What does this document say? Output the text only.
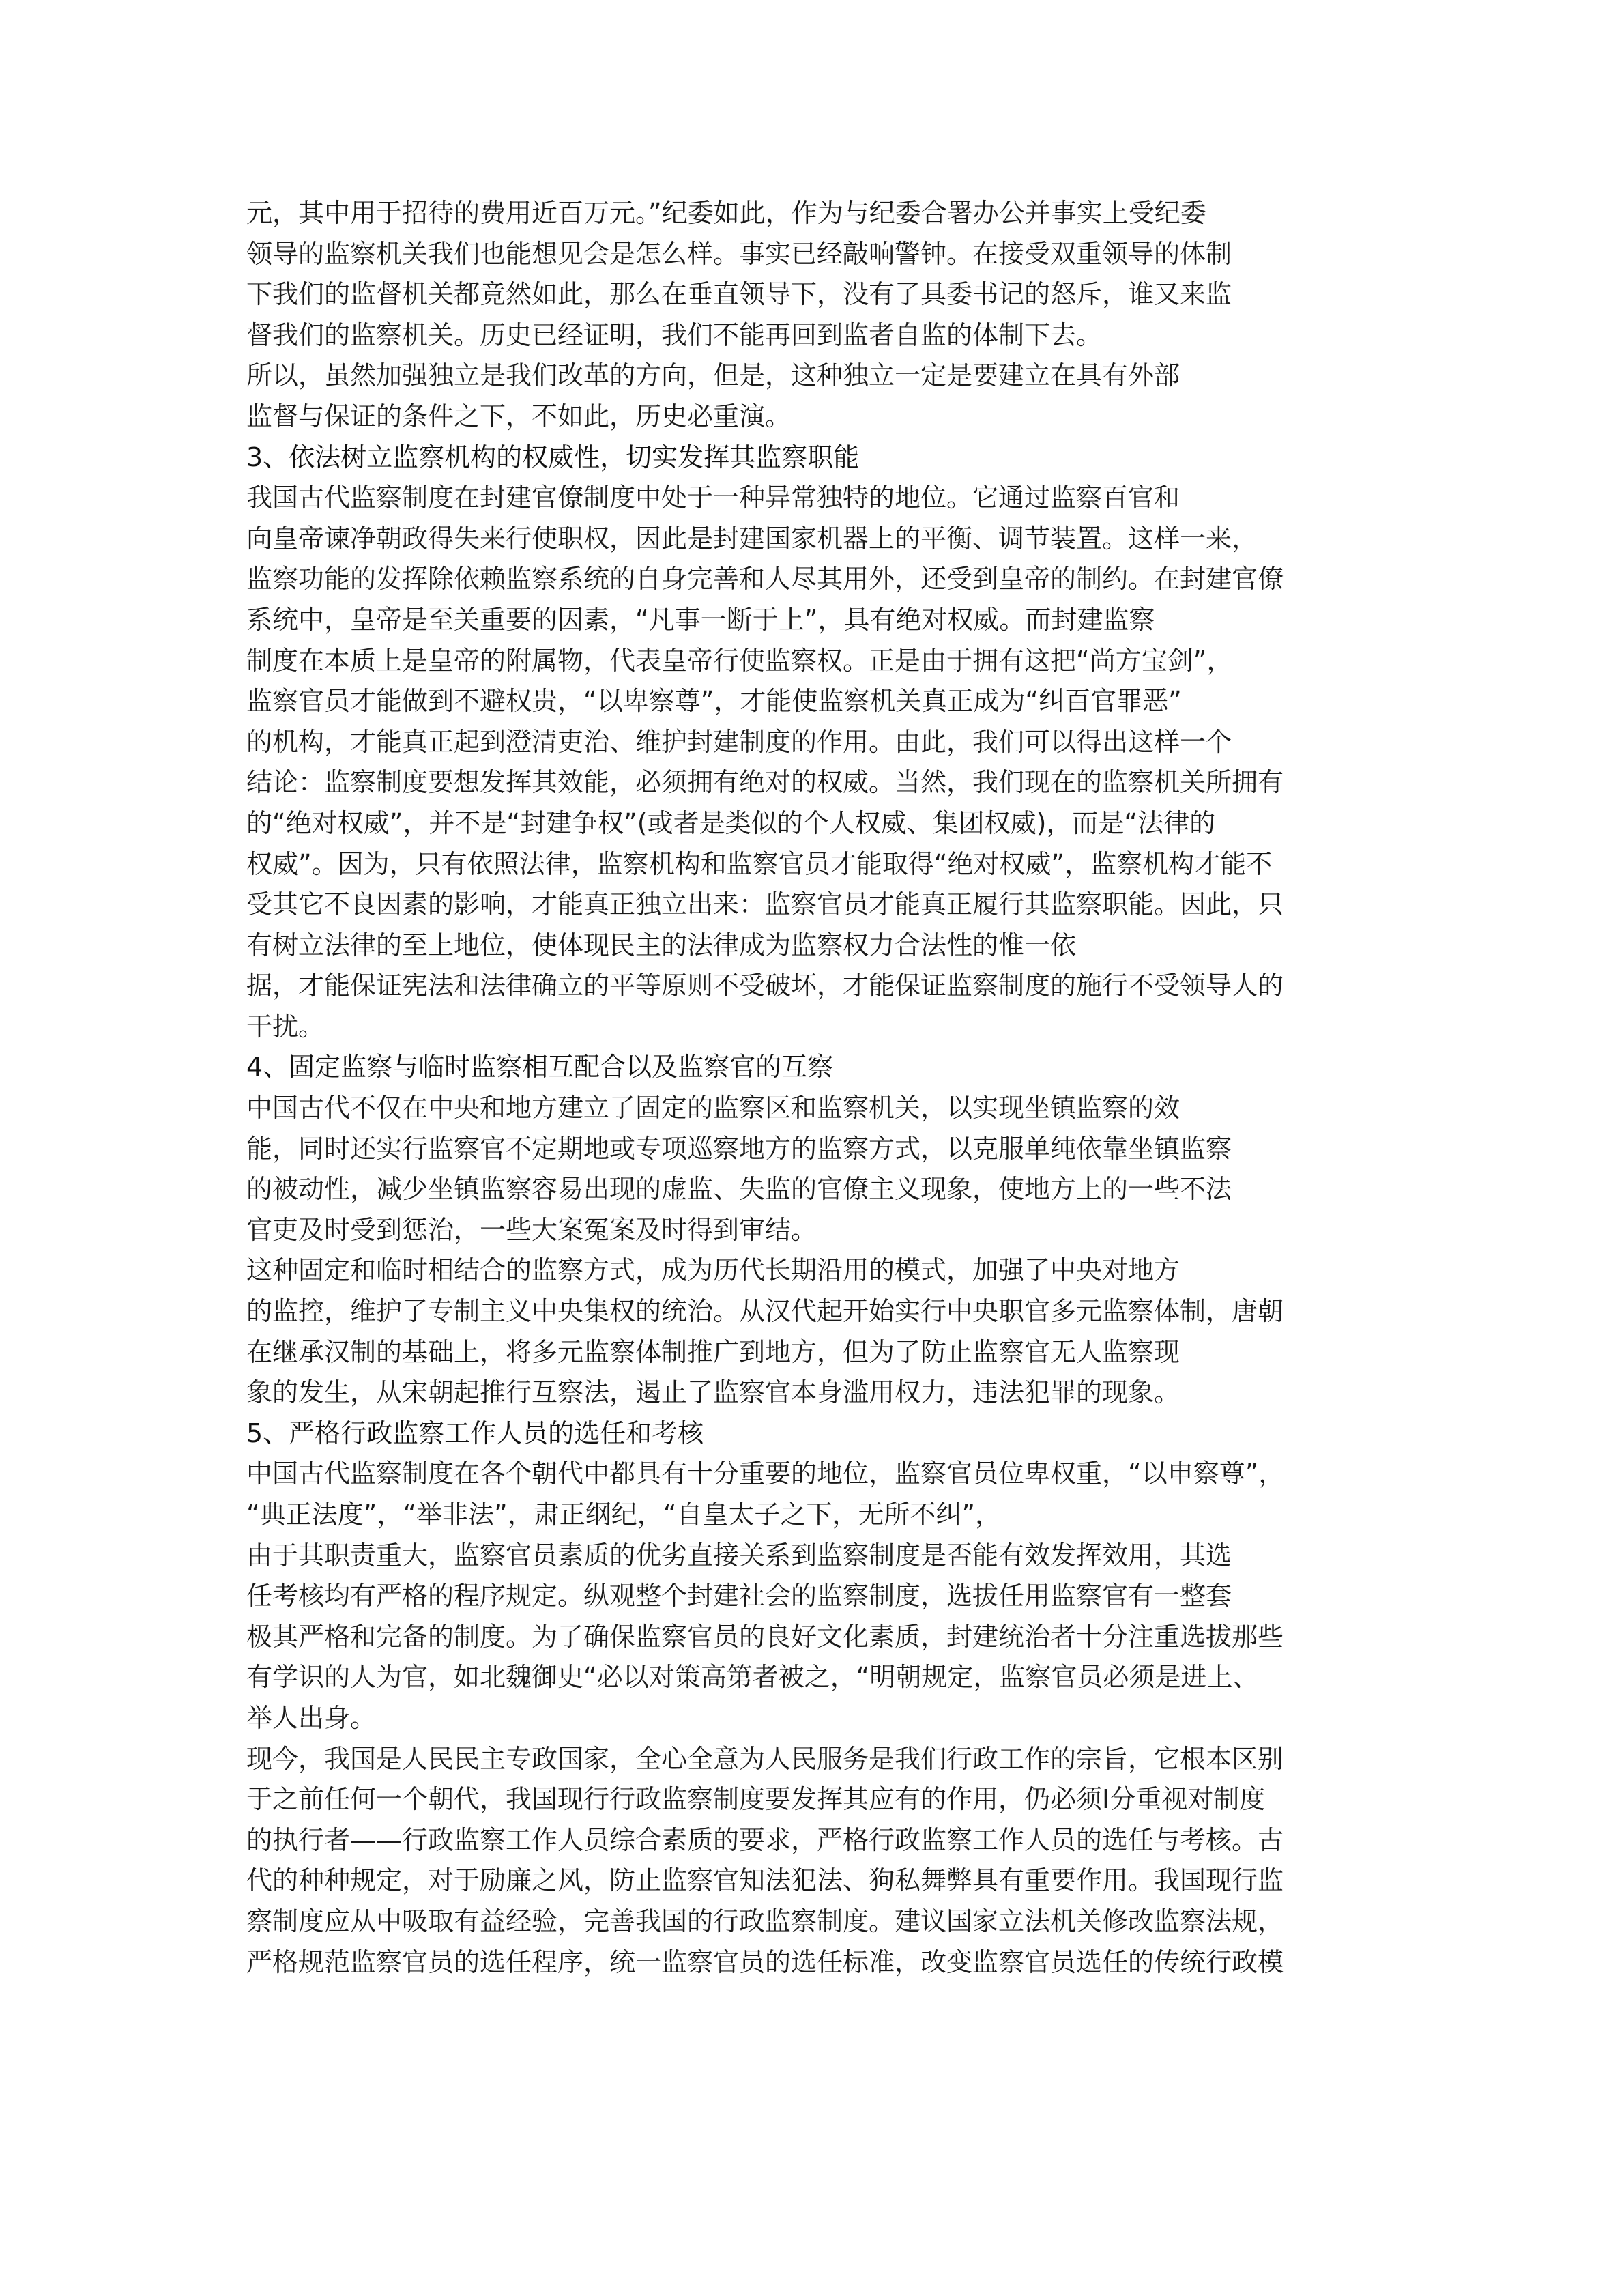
元，其中用于招待的费用近百万元。”纪委如此，作为与纪委合署办公并事实上受纪委
领导的监察机关我们也能想见会是怎么样。事实已经敲响警钟。在接受双重领导的体制
下我们的监督机关都竟然如此，那么在垂直领导下，没有了具委书记的怒斥，谁又来监
督我们的监察机关。历史已经证明，我们不能再回到监者自监的体制下去。
所以，虽然加强独立是我们改革的方向，但是，这种独立一定是要建立在具有外部
监督与保证的条件之下，不如此，历史必重演。
3、依法树立监察机构的权威性，切实发挥其监察职能
我国古代监察制度在封建官僚制度中处于一种异常独特的地位。它通过监察百官和
向皇帝谏净朝政得失来行使职权，因此是封建国家机器上的平衡、调节装置。这样一来，
监察功能的发挥除依赖监察系统的自身完善和人尽其用外，还受到皇帝的制约。在封建官僚
系统中，皇帝是至关重要的因素，“凡事一断于上”，具有绝对权威。而封建监察
制度在本质上是皇帝的附属物，代表皇帝行使监察权。正是由于拥有这把“尚方宝剑”，
监察官员才能做到不避权贵，“以卑察尊”，才能使监察机关真正成为“纠百官罪恶”
的机构，才能真正起到澄清吏治、维护封建制度的作用。由此，我们可以得出这样一个
结论：监察制度要想发挥其效能，必须拥有绝对的权威。当然，我们现在的监察机关所拥有
的“绝对权威”，并不是“封建争权”(或者是类似的个人权威、集团权威)，而是“法律的
权威”。因为，只有依照法律，监察机构和监察官员才能取得“绝对权威”，监察机构才能不
受其它不良因素的影响，才能真正独立出来：监察官员才能真正履行其监察职能。因此，只
有树立法律的至上地位，使体现民主的法律成为监察权力合法性的惟一依
据，才能保证宪法和法律确立的平等原则不受破坏，才能保证监察制度的施行不受领导人的
干扰。
4、固定监察与临时监察相互配合以及监察官的互察
中国古代不仅在中央和地方建立了固定的监察区和监察机关，以实现坐镇监察的效
能，同时还实行监察官不定期地或专项巡察地方的监察方式，以克服单纯依靠坐镇监察
的被动性，减少坐镇监察容易出现的虚监、失监的官僚主义现象，使地方上的一些不法
官吏及时受到惩治，一些大案冤案及时得到审结。
这种固定和临时相结合的监察方式，成为历代长期沿用的模式，加强了中央对地方
的监控，维护了专制主义中央集权的统治。从汉代起开始实行中央职官多元监察体制，唐朝
在继承汉制的基础上，将多元监察体制推广到地方，但为了防止监察官无人监察现
象的发生，从宋朝起推行互察法，遏止了监察官本身滥用权力，违法犯罪的现象。
5、严格行政监察工作人员的选任和考核
中国古代监察制度在各个朝代中都具有十分重要的地位，监察官员位卑权重，“以申察尊”，
“典正法度”，“举非法”，肃正纲纪，“自皇太子之下，无所不纠”，
由于其职责重大，监察官员素质的优劣直接关系到监察制度是否能有效发挥效用，其选
任考核均有严格的程序规定。纵观整个封建社会的监察制度，选拔任用监察官有一整套
极其严格和完备的制度。为了确保监察官员的良好文化素质，封建统治者十分注重选拔那些
有学识的人为官，如北魏御史“必以对策高第者被之，“明朝规定，监察官员必须是进上、
举人出身。
现今，我国是人民民主专政国家，全心全意为人民服务是我们行政工作的宗旨，它根本区别
于之前任何一个朝代，我国现行行政监察制度要发挥其应有的作用，仍必须I分重视对制度
的执行者——行政监察工作人员综合素质的要求，严格行政监察工作人员的选任与考核。古
代的种种规定，对于励廉之风，防止监察官知法犯法、狗私舞弊具有重要作用。我国现行监
察制度应从中吸取有益经验，完善我国的行政监察制度。建议国家立法机关修改监察法规，
严格规范监察官员的选任程序，统一监察官员的选任标准，改变监察官员选任的传统行政模
